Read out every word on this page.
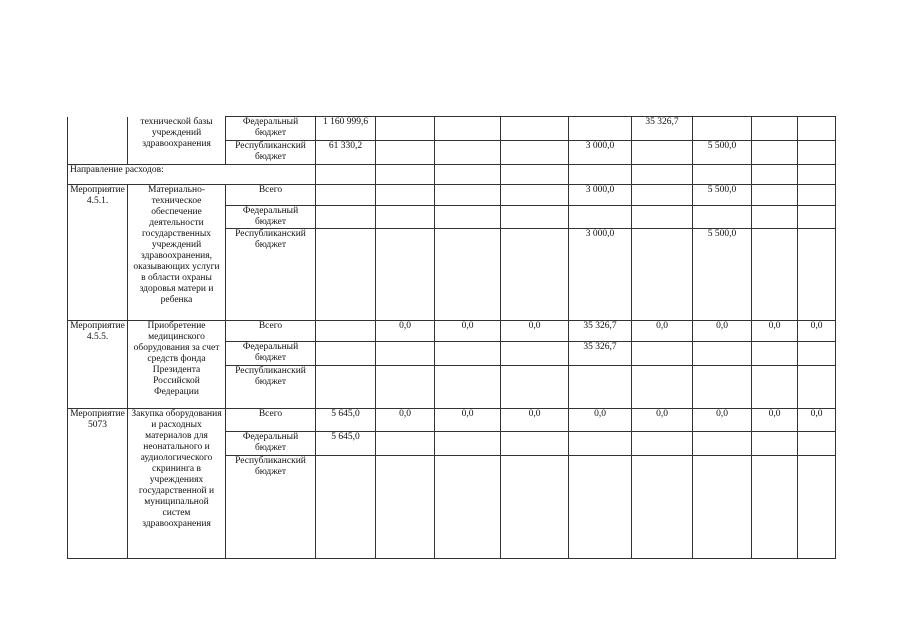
	технической базы учреждений здравоохранения	Федеральный бюджет	1 160 999,6					35 326,7				
		Республиканский бюджет	61 330,2				3 000,0		5 500,0			
Направление расходов:												
Мероприятие 4.5.1.	Материально-техническое обеспечение деятельности государственных учреждений здравоохранения, оказывающих услуги в области охраны здоровья матери и ребенка	Всего					3 000,0		5 500,0			
		Федеральный бюджет											
		Республиканский бюджет					3 000,0		5 500,0			
Мероприятие 4.5.5.	Приобретение медицинского оборудования за счет средств фонда Президента Российской Федерации	Всего		0,0	0,0	0,0	35 326,7	0,0	0,0	0,0	0,0	
		Федеральный бюджет					35 326,7					
		Республиканский бюджет										
Мероприятие 5073	Закупка оборудования и расходных материалов для неонатального и аудиологического скрининга в учреждениях государственной и муниципальной систем здравоохранения	Всего	5 645,0	0,0	0,0	0,0	0,0	0,0	0,0	0,0	0,0	
		Федеральный бюджет	5 645,0									
		Республиканский бюджет										
